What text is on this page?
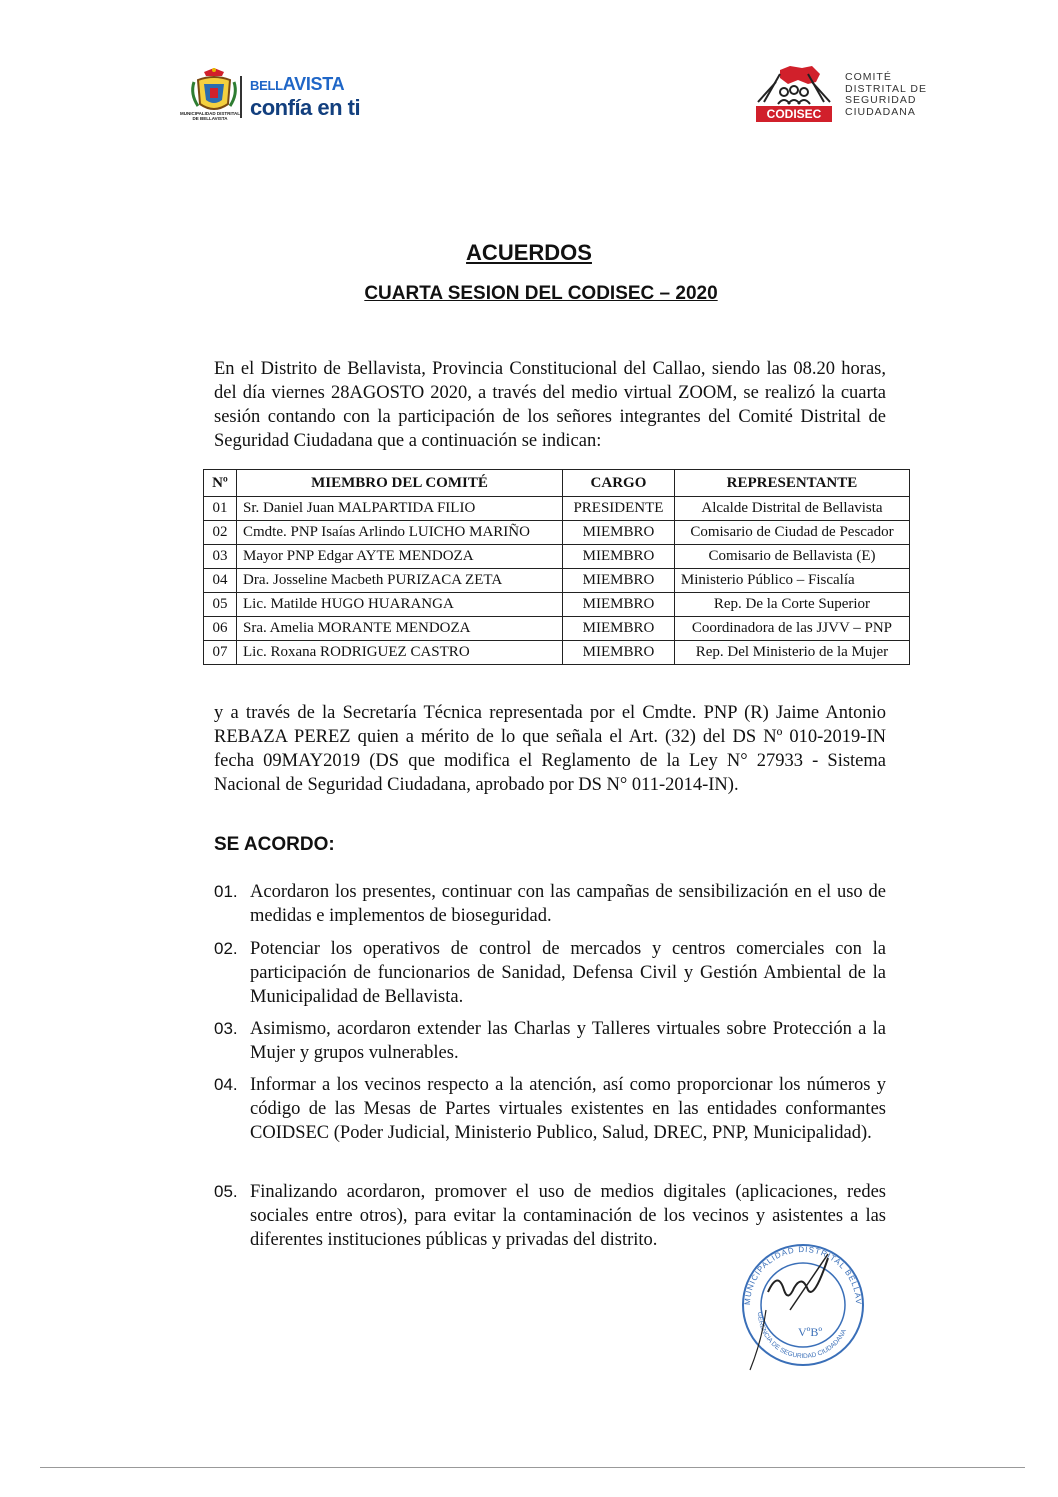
MUNICIPALIDAD DISTRITAL DE BELLAVISTA
BELLAVISTA
confía en ti	CODISEC
COMITÉ
DISTRITAL DE
SEGURIDAD
CIUDADANA
ACUERDOS
CUARTA SESION DEL CODISEC – 2020
En el Distrito de Bellavista, Provincia Constitucional del Callao, siendo las 08.20 horas, del día viernes 28AGOSTO 2020, a través del medio virtual ZOOM, se realizó la cuarta sesión contando con la participación de los señores integrantes del Comité Distrital de Seguridad Ciudadana que a continuación se indican:
Nº	MIEMBRO DEL COMITÉ	CARGO	REPRESENTANTE
01	Sr. Daniel Juan MALPARTIDA FILIO	PRESIDENTE	Alcalde Distrital de Bellavista
02	Cmdte. PNP Isaías Arlindo LUICHO MARIÑO	MIEMBRO	Comisario de Ciudad de Pescador
03	Mayor PNP Edgar AYTE MENDOZA	MIEMBRO	Comisario de Bellavista (E)
04	Dra. Josseline Macbeth PURIZACA ZETA	MIEMBRO	Ministerio Público – Fiscalía
05	Lic. Matilde HUGO HUARANGA	MIEMBRO	Rep. De la Corte Superior
06	Sra. Amelia MORANTE MENDOZA	MIEMBRO	Coordinadora de las JJVV – PNP
07	Lic. Roxana RODRIGUEZ CASTRO	MIEMBRO	Rep. Del Ministerio de la Mujer
y a través de la Secretaría Técnica representada por el Cmdte. PNP (R) Jaime Antonio REBAZA PEREZ quien a mérito de lo que señala el Art. (32) del DS Nº 010-2019-IN fecha 09MAY2019 (DS que modifica el Reglamento de la Ley N° 27933 - Sistema Nacional de Seguridad Ciudadana, aprobado por DS N° 011-2014-IN).
SE ACORDO:
01. Acordaron los presentes, continuar con las campañas de sensibilización en el uso de medidas e implementos de bioseguridad.
02. Potenciar los operativos de control de mercados y centros comerciales con la participación de funcionarios de Sanidad, Defensa Civil y Gestión Ambiental de la Municipalidad de Bellavista.
03. Asimismo, acordaron extender las Charlas y Talleres virtuales sobre Protección a la Mujer y grupos vulnerables.
04. Informar a los vecinos respecto a la atención, así como proporcionar los números y código de las Mesas de Partes virtuales existentes en las entidades conformantes COIDSEC (Poder Judicial, Ministerio Publico, Salud, DREC, PNP, Municipalidad).
05. Finalizando acordaron, promover el uso de medios digitales (aplicaciones, redes sociales entre otros), para evitar la contaminación de los vecinos y asistentes a las diferentes instituciones públicas y privadas del distrito.
MUNICIPALIDAD DISTRITAL BELLAV
GERENCIA DE SEGURIDAD CIUDADANA
VºBº
